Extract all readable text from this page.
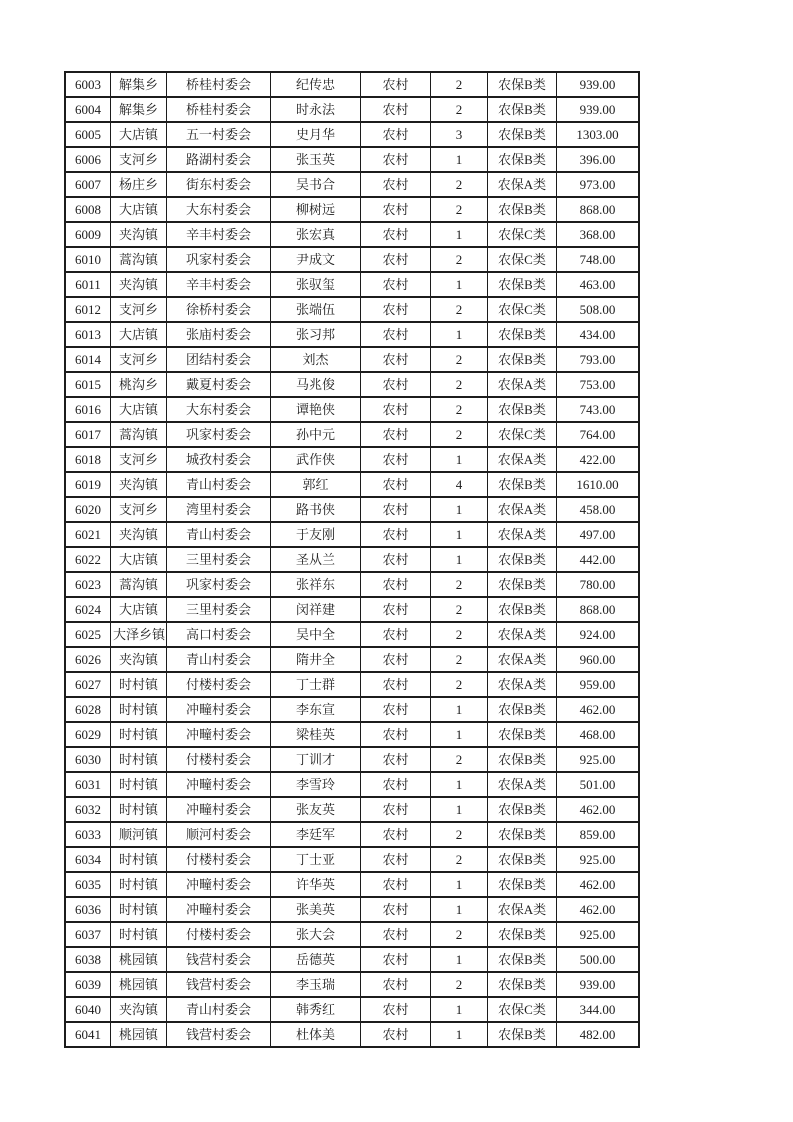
6003	解集乡	桥桂村委会	纪传忠	农村	2	农保B类	939.00
6004	解集乡	桥桂村委会	时永法	农村	2	农保B类	939.00
6005	大店镇	五一村委会	史月华	农村	3	农保B类	1303.00
6006	支河乡	路湖村委会	张玉英	农村	1	农保B类	396.00
6007	杨庄乡	街东村委会	吴书合	农村	2	农保A类	973.00
6008	大店镇	大东村委会	柳树远	农村	2	农保B类	868.00
6009	夹沟镇	辛丰村委会	张宏真	农村	1	农保C类	368.00
6010	蒿沟镇	巩家村委会	尹成文	农村	2	农保C类	748.00
6011	夹沟镇	辛丰村委会	张驭玺	农村	1	农保B类	463.00
6012	支河乡	徐桥村委会	张端伍	农村	2	农保C类	508.00
6013	大店镇	张庙村委会	张习邦	农村	1	农保B类	434.00
6014	支河乡	团结村委会	刘杰	农村	2	农保B类	793.00
6015	桃沟乡	戴夏村委会	马兆俊	农村	2	农保A类	753.00
6016	大店镇	大东村委会	谭艳侠	农村	2	农保B类	743.00
6017	蒿沟镇	巩家村委会	孙中元	农村	2	农保C类	764.00
6018	支河乡	城孜村委会	武作侠	农村	1	农保A类	422.00
6019	夹沟镇	青山村委会	郭红	农村	4	农保B类	1610.00
6020	支河乡	湾里村委会	路书侠	农村	1	农保A类	458.00
6021	夹沟镇	青山村委会	于友刚	农村	1	农保A类	497.00
6022	大店镇	三里村委会	圣从兰	农村	1	农保B类	442.00
6023	蒿沟镇	巩家村委会	张祥东	农村	2	农保B类	780.00
6024	大店镇	三里村委会	闵祥建	农村	2	农保B类	868.00
6025	大泽乡镇	高口村委会	吴中全	农村	2	农保A类	924.00
6026	夹沟镇	青山村委会	隋井全	农村	2	农保A类	960.00
6027	时村镇	付楼村委会	丁士群	农村	2	农保A类	959.00
6028	时村镇	冲疃村委会	李东宣	农村	1	农保B类	462.00
6029	时村镇	冲疃村委会	梁桂英	农村	1	农保B类	468.00
6030	时村镇	付楼村委会	丁训才	农村	2	农保B类	925.00
6031	时村镇	冲疃村委会	李雪玲	农村	1	农保A类	501.00
6032	时村镇	冲疃村委会	张友英	农村	1	农保B类	462.00
6033	顺河镇	顺河村委会	李廷军	农村	2	农保B类	859.00
6034	时村镇	付楼村委会	丁士亚	农村	2	农保B类	925.00
6035	时村镇	冲疃村委会	许华英	农村	1	农保B类	462.00
6036	时村镇	冲疃村委会	张美英	农村	1	农保A类	462.00
6037	时村镇	付楼村委会	张大会	农村	2	农保B类	925.00
6038	桃园镇	钱营村委会	岳德英	农村	1	农保B类	500.00
6039	桃园镇	钱营村委会	李玉瑞	农村	2	农保B类	939.00
6040	夹沟镇	青山村委会	韩秀红	农村	1	农保C类	344.00
6041	桃园镇	钱营村委会	杜体美	农村	1	农保B类	482.00
